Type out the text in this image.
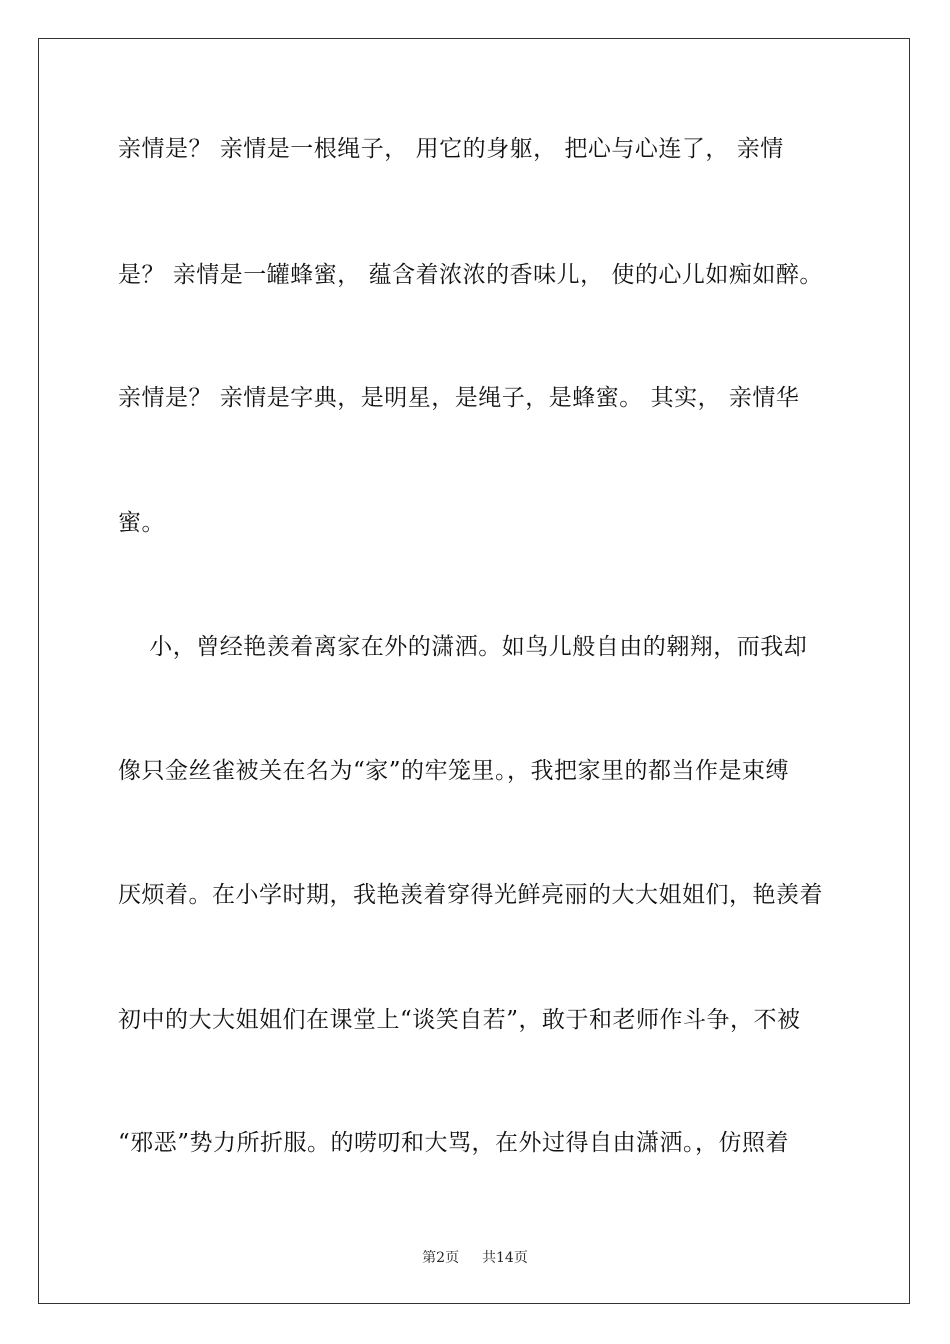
亲情是？ 亲情是一根绳子， 用它的身躯， 把心与心连了， 亲情
是？ 亲情是一罐蜂蜜， 蕴含着浓浓的香味儿， 使的心儿如痴如醉。
亲情是？ 亲情是字典，是明星，是绳子，是蜂蜜。 其实， 亲情华
蜜。
小，曾经艳羡着离家在外的潇洒。如鸟儿般自由的翱翔，而我却
像只金丝雀被关在名为“家”的牢笼里。，我把家里的都当作是束缚
厌烦着。在小学时期，我艳羡着穿得光鲜亮丽的大大姐姐们，艳羡着
初中的大大姐姐们在课堂上“谈笑自若”，敢于和老师作斗争，不被
“邪恶”势力所折服。的唠叨和大骂，在外过得自由潇洒。，仿照着
第2页 共14页
